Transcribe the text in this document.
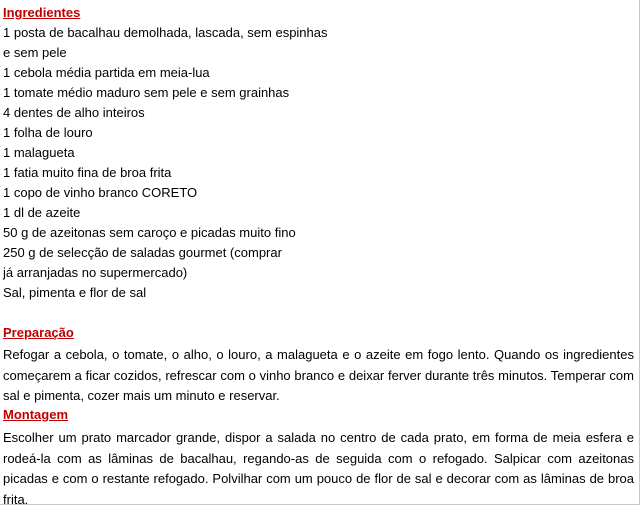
Ingredientes
1 posta de bacalhau demolhada, lascada, sem espinhas
e sem pele
1 cebola média partida em meia-lua
1 tomate médio maduro sem pele e sem grainhas
4 dentes de alho inteiros
1 folha de louro
1 malagueta
1 fatia muito fina de broa frita
1 copo de vinho branco CORETO
1 dl de azeite
50 g de azeitonas sem caroço e picadas muito fino
250 g de selecção de saladas gourmet (comprar
já arranjadas no supermercado)
Sal, pimenta e flor de sal
Preparação
Refogar a cebola, o tomate, o alho, o louro, a malagueta e o azeite em fogo lento. Quando os ingredientes começarem a ficar cozidos, refrescar com o vinho branco e deixar ferver durante três minutos. Temperar com sal e pimenta, cozer mais um minuto e reservar.
Montagem
Escolher um prato marcador grande, dispor a salada no centro de cada prato, em forma de meia esfera e rodeá-la com as lâminas de bacalhau, regando-as de seguida com o refogado. Salpicar com azeitonas picadas e com o restante refogado. Polvilhar com um pouco de flor de sal e decorar com as lâminas de broa frita.
